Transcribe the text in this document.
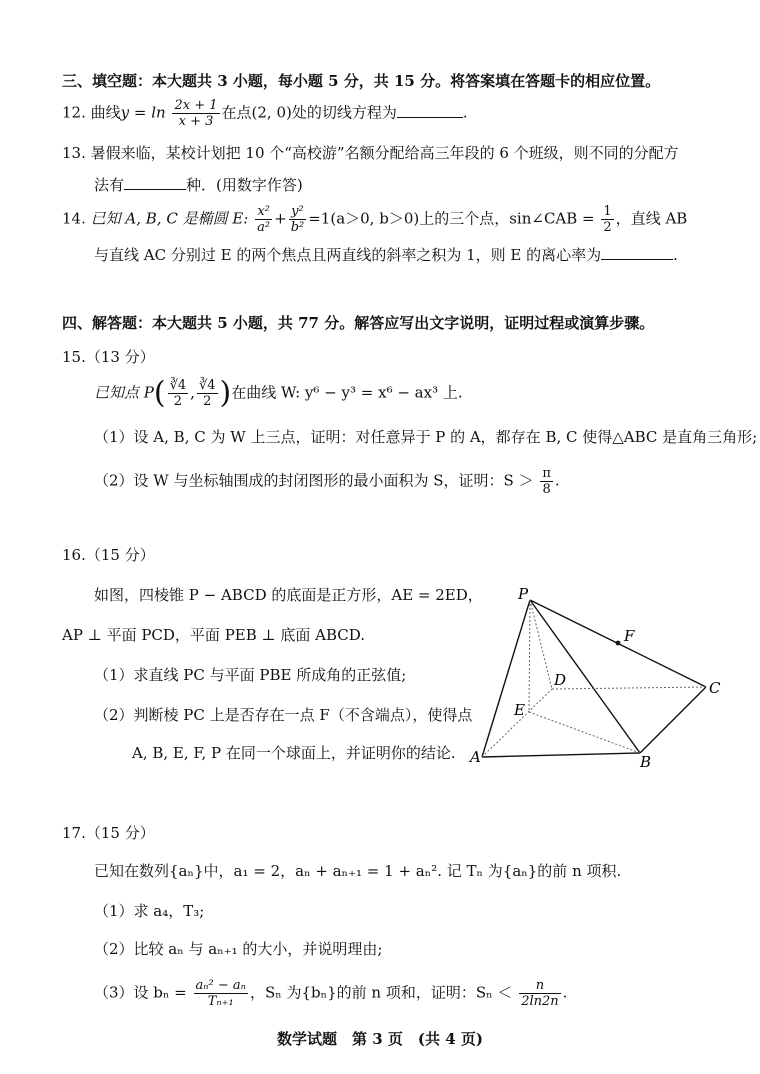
三、填空题：本大题共 3 小题，每小题 5 分，共 15 分。将答案填在答题卡的相应位置。
12. 曲线$y = \ln \frac{2x + 1}{x + 3}$ 在点(2, 0)处的切线方程为	.
13. 暑假来临，某校计划把 10 个“高校游”名额分配给高三年段的 6 个班级，则不同的分配方
法有	种．(用数字作答)
14. 已知 A, B, C 是椭圆 E: $\frac{\text{x²}}{\text{a²}} + \frac{\text{y²}}{\text{b²}} =1(a>0$, b＞0)上的三个点，sin∠CAB = $\frac{1}{2}$ ，直线 AB
与直线 AC 分别过 E 的两个焦点且两直线的斜率之积为 1，则 E 的离心率为	.
四、解答题：本大题共 5 小题，共 77 分。解答应写出文字说明，证明过程或演算步骤。
15.（13 分）
已知点 $P( \frac{∛4}{2}$ , $\frac{∛4}{2}$ )在曲线 W: y⁶ − y³ = x⁶ − ax³ 上.
（1）设 A, B, C 为 W 上三点，证明：对任意异于 P 的 A，都存在 B, C 使得△ABC 是直角三角形;
（2）设 W 与坐标轴围成的封闭图形的最小面积为 S，证明：$S > \frac{\pi}{8}$ .
16.（15 分）
如图，四棱锥 P − ABCD 的底面是正方形，AE = 2ED，
AP ⊥ 平面 PCD，平面 PEB ⊥ 底面 ABCD.
（1）求直线 PC 与平面 PBE 所成角的正弦值;
（2）判断棱 PC 上是否存在一点 F（不含端点），使得点
A, B, E, F, P 在同一个球面上，并证明你的结论.
P
F
D	C
E
A	B
17.（15 分）
已知在数列{aₙ}中，a₁ = 2，aₙ + aₙ₊₁ = 1 + aₙ². 记 Tₙ 为{aₙ}的前 n 项积.
（1）求 a₄，T₃;
（2）比较 aₙ 与 aₙ₊₁ 的大小，并说明理由;
（3）设 $b_n = \frac{\text{aₙ² − aₙ}}{\text{Tₙ₊₁}}$ ，Sₙ 为{bₙ}的前 n 项和，证明：$S_n < \frac{n}{2\ln 2n}$ .
数学试题　第 3 页　(共 4 页)
